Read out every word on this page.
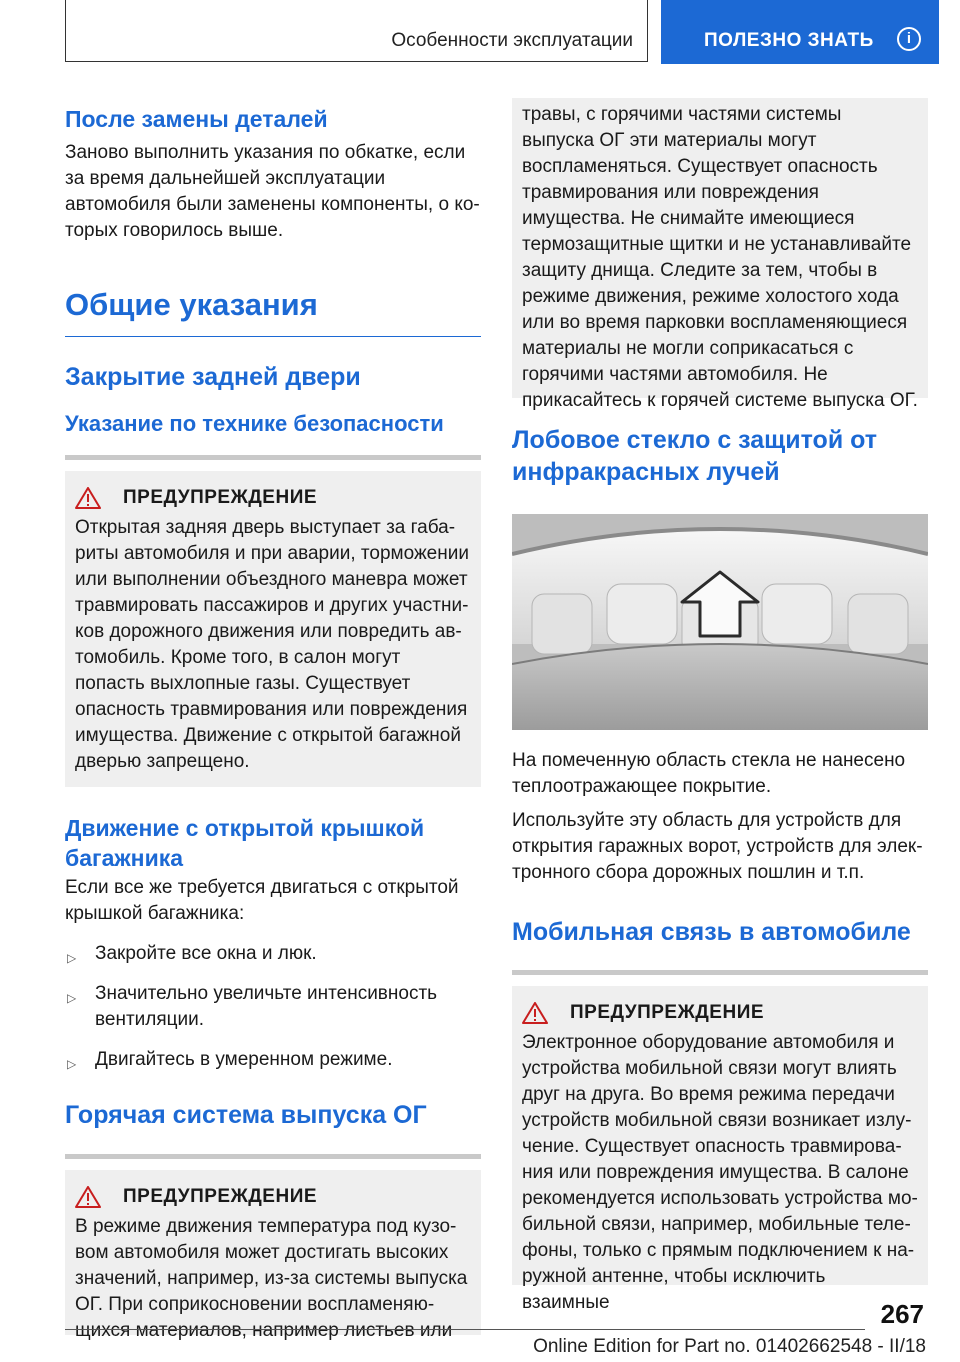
Особенности эксплуатации	ПОЛЕЗНО ЗНАТЬ	i
После замены деталей

Заново выполнить указания по обкатке, если за время дальнейшей эксплуатации автомобиля были заменены компоненты, о которых говорилось выше.

Общие указания
Закрытие задней двери
Указание по технике безопасности
ПРЕДУПРЕЖДЕНИЕ

Открытая задняя дверь выступает за габариты автомобиля и при аварии, торможении или выполнении объездного маневра может травмировать пассажиров и других участников дорожного движения или повредить автомобиль. Кроме того, в салон могут попасть выхлопные газы. Существует опасность травмирования или повреждения имущества. Движение с открытой багажной дверью запрещено.

Движение с открытой крышкой багажника

Если все же требуется двигаться с открытой крышкой багажника:

▷ Закройте все окна и люк.
▷ Значительно увеличьте интенсивность вентиляции.
▷ Двигайтесь в умеренном режиме.
Горячая система выпуска ОГ
ПРЕДУПРЕЖДЕНИЕ

В режиме движения температура под кузовом автомобиля может достигать высоких значений, например, из-за системы выпуска ОГ. При соприкосновении воспламеняющихся материалов, например листьев или

травы, с горячими частями системы выпуска ОГ эти материалы могут воспламеняться. Существует опасность травмирования или повреждения имущества. Не снимайте имеющиеся термозащитные щитки и не устанавливайте защиту днища. Следите за тем, чтобы в режиме движения, режиме холостого хода или во время парковки воспламеняющиеся материалы не могли соприкасаться с горячими частями автомобиля. Не прикасайтесь к горячей системе выпуска ОГ.

Лобовое стекло с защитой от инфракрасных лучей

На помеченную область стекла не нанесено теплоотражающее покрытие.

Используйте эту область для устройств для открытия гаражных ворот, устройств для электронного сбора дорожных пошлин и т.п.

Мобильная связь в автомобиле
ПРЕДУПРЕЖДЕНИЕ

Электронное оборудование автомобиля и устройства мобильной связи могут влиять друг на друга. Во время режима передачи устройств мобильной связи возникает излучение. Существует опасность травмирования или повреждения имущества. В салоне рекомендуется использовать устройства мобильной связи, например, мобильные телефоны, только с прямым подключением к наружной антенне, чтобы исключить взаимные	267
Online Edition for Part no. 01402662548 - II/18
